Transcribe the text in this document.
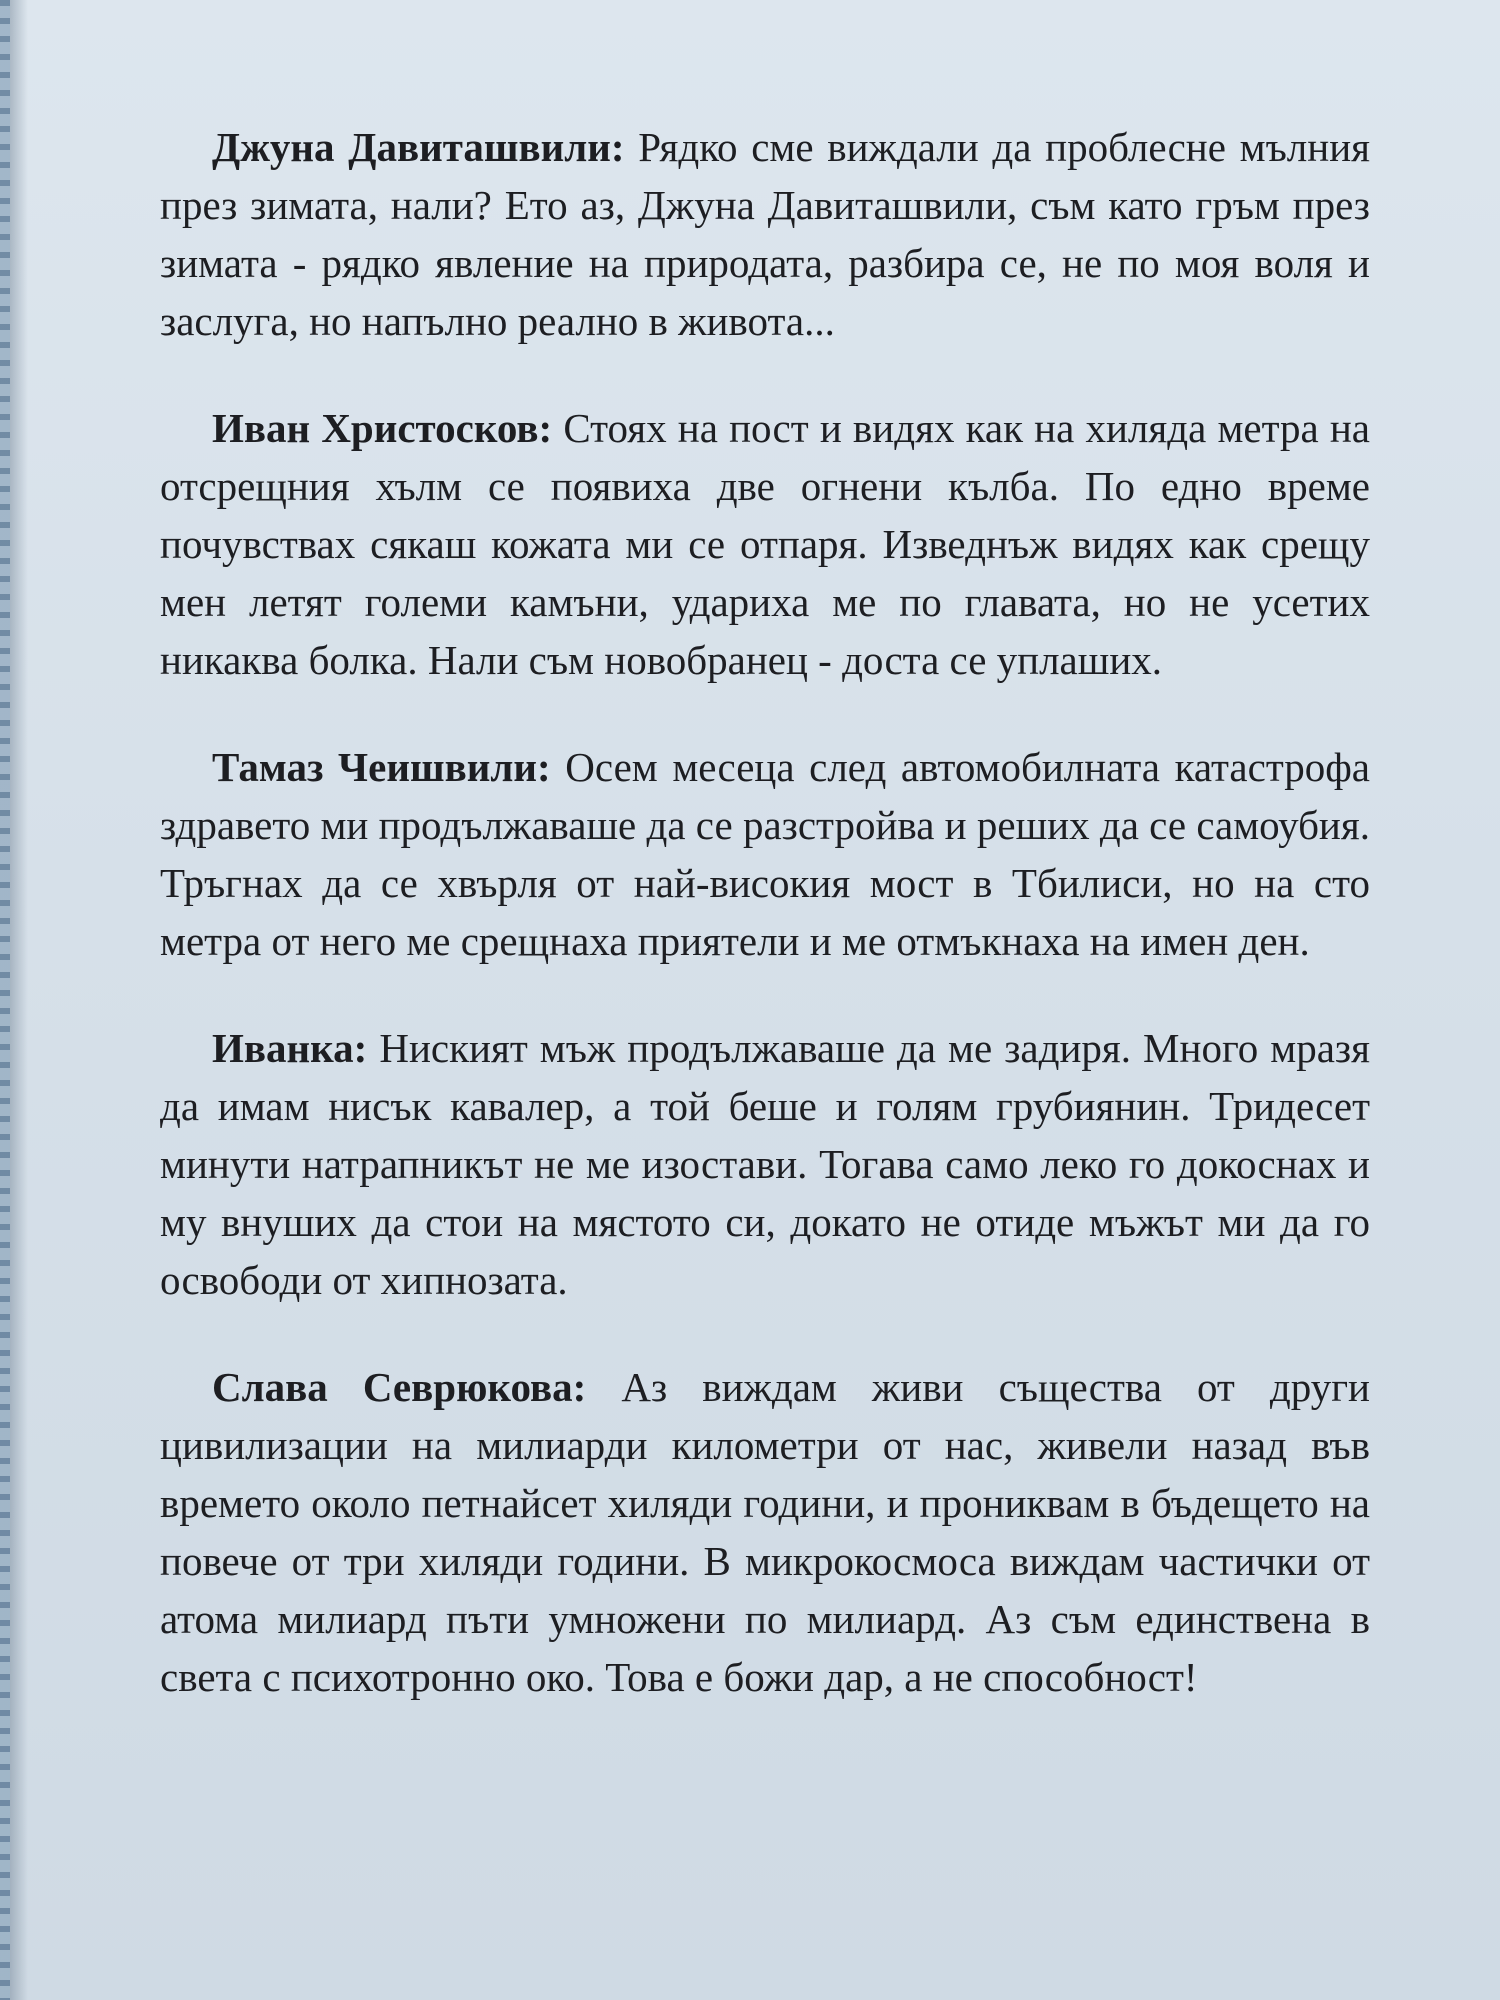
Джуна Давиташвили: Рядко сме виждали да проблесне мълния през зимата, нали? Ето аз, Джуна Давиташвили, съм като гръм през зимата - рядко явление на природата, разбира се, не по моя воля и заслуга, но напълно реално в живота...

Иван Христосков: Стоях на пост и видях как на хиляда метра на отсрещния хълм се появиха две огнени кълба. По едно време почувствах сякаш кожата ми се отпаря. Изведнъж видях как срещу мен летят големи камъни, удариха ме по главата, но не усетих никаква болка. Нали съм новобранец - доста се уплаших.

Тамаз Чеишвили: Осем месеца след автомобилната катастрофа здравето ми продължаваше да се разстройва и реших да се самоубия. Тръгнах да се хвърля от най-високия мост в Тбилиси, но на сто метра от него ме срещнаха приятели и ме отмъкнаха на имен ден.

Иванка: Ниският мъж продължаваше да ме задиря. Много мразя да имам нисък кавалер, а той беше и голям грубиянин. Тридесет минути натрапникът не ме изостави. Тогава само леко го докоснах и му внуших да стои на мястото си, докато не отиде мъжът ми да го освободи от хипнозата.

Слава Севрюкова: Аз виждам живи същества от други цивилизации на милиарди километри от нас, живели назад във времето около петнайсет хиляди години, и прониквам в бъдещето на повече от три хиляди години. В микрокосмоса виждам частички от атома милиард пъти умножени по милиард. Аз съм единствена в света с психотронно око. Това е божи дар, а не способност!
